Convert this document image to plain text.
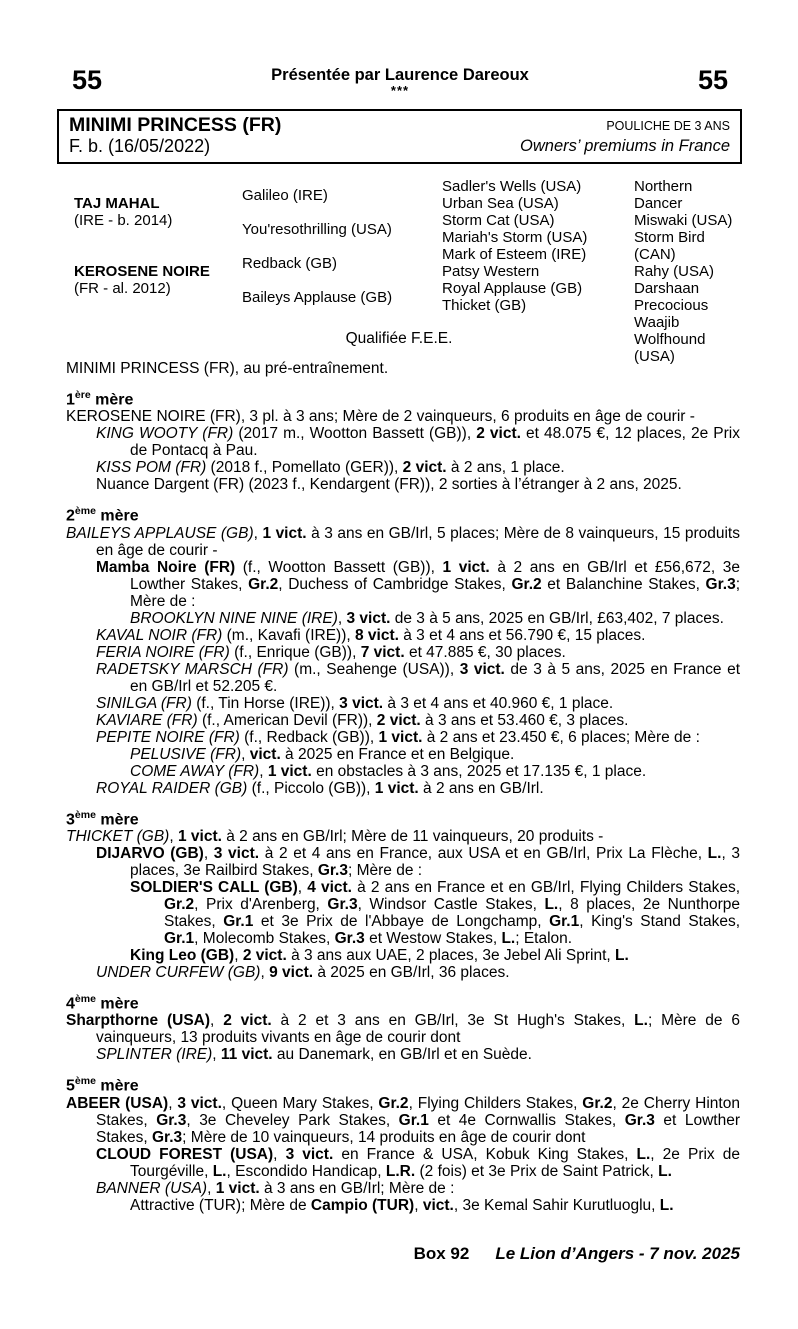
55	Présentée par Laurence Dareoux
***	55
MINIMI PRINCESS (FR)
F. b. (16/05/2022)
POULICHE DE 3 ANS
Owners’ premiums in France
TAJ MAHAL
(IRE - b. 2014)
KEROSENE NOIRE
(FR - al. 2012)
Galileo (IRE)
You'resothrilling (USA)
Redback (GB)
Baileys Applause (GB)
Sadler's Wells (USA)
Urban Sea (USA)
Storm Cat (USA)
Mariah's Storm (USA)
Mark of Esteem (IRE)
Patsy Western
Royal Applause (GB)
Thicket (GB)
Northern Dancer
Miswaki (USA)
Storm Bird (CAN)
Rahy (USA)
Darshaan
Precocious
Waajib
Wolfhound (USA)
Qualifiée F.E.E.
MINIMI PRINCESS (FR), au pré-entraînement.
1ère mère
KEROSENE NOIRE (FR), 3 pl. à 3 ans; Mère de 2 vainqueurs, 6 produits en âge de courir -
KING WOOTY (FR) (2017 m., Wootton Bassett (GB)), 2 vict. et 48.075 €, 12 places, 2e Prix de Pontacq à Pau.
KISS POM (FR) (2018 f., Pomellato (GER)), 2 vict. à 2 ans, 1 place.
Nuance Dargent (FR) (2023 f., Kendargent (FR)), 2 sorties à l’étranger à 2 ans, 2025.
2ème mère
BAILEYS APPLAUSE (GB), 1 vict. à 3 ans en GB/Irl, 5 places; Mère de 8 vainqueurs, 15 produits en âge de courir -
Mamba Noire (FR) (f., Wootton Bassett (GB)), 1 vict. à 2 ans en GB/Irl et £56,672, 3e Lowther Stakes, Gr.2, Duchess of Cambridge Stakes, Gr.2 et Balanchine Stakes, Gr.3; Mère de :
BROOKLYN NINE NINE (IRE), 3 vict. de 3 à 5 ans, 2025 en GB/Irl, £63,402, 7 places.
KAVAL NOIR (FR) (m., Kavafi (IRE)), 8 vict. à 3 et 4 ans et 56.790 €, 15 places.
FERIA NOIRE (FR) (f., Enrique (GB)), 7 vict. et 47.885 €, 30 places.
RADETSKY MARSCH (FR) (m., Seahenge (USA)), 3 vict. de 3 à 5 ans, 2025 en France et en GB/Irl et 52.205 €.
SINILGA (FR) (f., Tin Horse (IRE)), 3 vict. à 3 et 4 ans et 40.960 €, 1 place.
KAVIARE (FR) (f., American Devil (FR)), 2 vict. à 3 ans et 53.460 €, 3 places.
PEPITE NOIRE (FR) (f., Redback (GB)), 1 vict. à 2 ans et 23.450 €, 6 places; Mère de :
PELUSIVE (FR), vict. à 2025 en France et en Belgique.
COME AWAY (FR), 1 vict. en obstacles à 3 ans, 2025 et 17.135 €, 1 place.
ROYAL RAIDER (GB) (f., Piccolo (GB)), 1 vict. à 2 ans en GB/Irl.
3ème mère
THICKET (GB), 1 vict. à 2 ans en GB/Irl; Mère de 11 vainqueurs, 20 produits -
DIJARVO (GB), 3 vict. à 2 et 4 ans en France, aux USA et en GB/Irl, Prix La Flèche, L., 3 places, 3e Railbird Stakes, Gr.3; Mère de :
SOLDIER'S CALL (GB), 4 vict. à 2 ans en France et en GB/Irl, Flying Childers Stakes, Gr.2, Prix d'Arenberg, Gr.3, Windsor Castle Stakes, L., 8 places, 2e Nunthorpe Stakes, Gr.1 et 3e Prix de l'Abbaye de Longchamp, Gr.1, King's Stand Stakes, Gr.1, Molecomb Stakes, Gr.3 et Westow Stakes, L.; Etalon.
King Leo (GB), 2 vict. à 3 ans aux UAE, 2 places, 3e Jebel Ali Sprint, L.
UNDER CURFEW (GB), 9 vict. à 2025 en GB/Irl, 36 places.
4ème mère
Sharpthorne (USA), 2 vict. à 2 et 3 ans en GB/Irl, 3e St Hugh's Stakes, L.; Mère de 6 vainqueurs, 13 produits vivants en âge de courir dont
SPLINTER (IRE), 11 vict. au Danemark, en GB/Irl et en Suède.
5ème mère
ABEER (USA), 3 vict., Queen Mary Stakes, Gr.2, Flying Childers Stakes, Gr.2, 2e Cherry Hinton Stakes, Gr.3, 3e Cheveley Park Stakes, Gr.1 et 4e Cornwallis Stakes, Gr.3 et Lowther Stakes, Gr.3; Mère de 10 vainqueurs, 14 produits en âge de courir dont
CLOUD FOREST (USA), 3 vict. en France & USA, Kobuk King Stakes, L., 2e Prix de Tourgéville, L., Escondido Handicap, L.R. (2 fois) et 3e Prix de Saint Patrick, L.
BANNER (USA), 1 vict. à 3 ans en GB/Irl; Mère de :
Attractive (TUR); Mère de Campio (TUR), vict., 3e Kemal Sahir Kurutluoglu, L.
Box 92 Le Lion d’Angers - 7 nov. 2025
